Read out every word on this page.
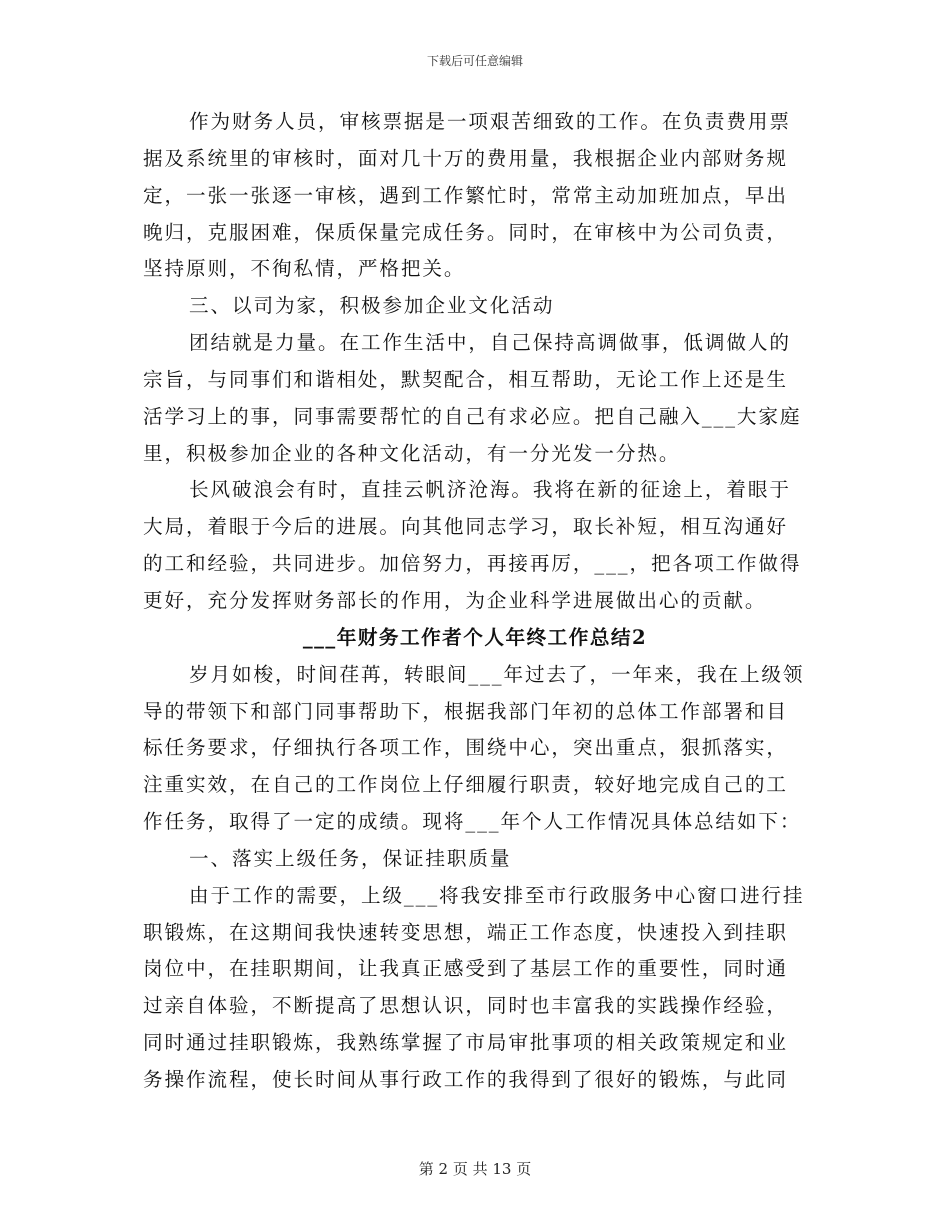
下载后可任意编辑
作为财务人员，审核票据是一项艰苦细致的工作。在负责费用票
据及系统里的审核时，面对几十万的费用量，我根据企业内部财务规
定，一张一张逐一审核，遇到工作繁忙时，常常主动加班加点，早出
晚归，克服困难，保质保量完成任务。同时，在审核中为公司负责，
坚持原则，不徇私情，严格把关。
三、以司为家，积极参加企业文化活动
团结就是力量。在工作生活中，自己保持高调做事，低调做人的
宗旨，与同事们和谐相处，默契配合，相互帮助，无论工作上还是生
活学习上的事，同事需要帮忙的自己有求必应。把自己融入___大家庭
里，积极参加企业的各种文化活动，有一分光发一分热。
长风破浪会有时，直挂云帆济沧海。我将在新的征途上，着眼于
大局，着眼于今后的进展。向其他同志学习，取长补短，相互沟通好
的工和经验，共同进步。加倍努力，再接再厉，___，把各项工作做得
更好，充分发挥财务部长的作用，为企业科学进展做出心的贡献。
___年财务工作者个人年终工作总结2
岁月如梭，时间荏苒，转眼间___年过去了，一年来，我在上级领
导的带领下和部门同事帮助下，根据我部门年初的总体工作部署和目
标任务要求，仔细执行各项工作，围绕中心，突出重点，狠抓落实，
注重实效，在自己的工作岗位上仔细履行职责，较好地完成自己的工
作任务，取得了一定的成绩。现将___年个人工作情况具体总结如下：
一、落实上级任务，保证挂职质量
由于工作的需要，上级___将我安排至市行政服务中心窗口进行挂
职锻炼，在这期间我快速转变思想，端正工作态度，快速投入到挂职
岗位中，在挂职期间，让我真正感受到了基层工作的重要性，同时通
过亲自体验，不断提高了思想认识，同时也丰富我的实践操作经验，
同时通过挂职锻炼，我熟练掌握了市局审批事项的相关政策规定和业
务操作流程，使长时间从事行政工作的我得到了很好的锻炼，与此同
第 2 页 共 13 页
